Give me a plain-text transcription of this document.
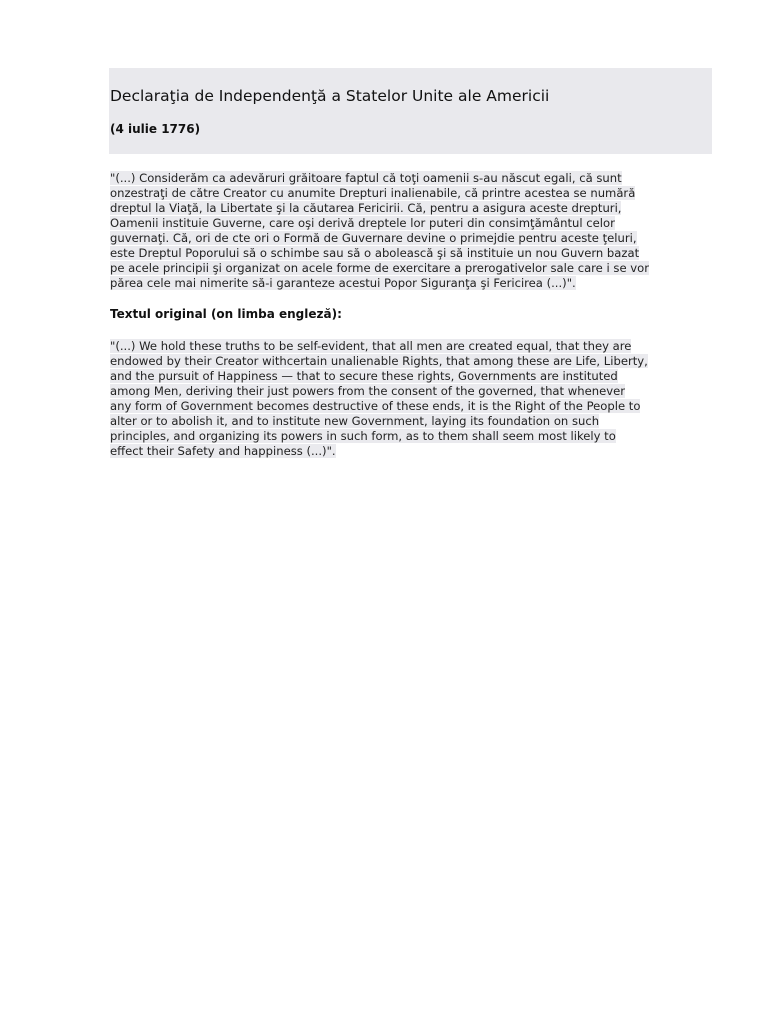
Declaraţia de Independenţă a Statelor Unite ale Americii
(4 iulie 1776)
"(...) Considerăm ca adevăruri grăitoare faptul că toţi oamenii s-au născut egali, că sunt
onzestraţi de către Creator cu anumite Drepturi inalienabile, că printre acestea se numără
dreptul la Viaţă, la Libertate şi la căutarea Fericirii. Că, pentru a asigura aceste drepturi,
Oamenii instituie Guverne, care oşi derivă dreptele lor puteri din consimţământul celor
guvernaţi. Că, ori de cte ori o Formă de Guvernare devine o primejdie pentru aceste ţeluri,
este Dreptul Poporului să o schimbe sau să o abolească şi să instituie un nou Guvern bazat
pe acele principii şi organizat on acele forme de exercitare a prerogativelor sale care i se vor
părea cele mai nimerite să-i garanteze acestui Popor Siguranţa şi Fericirea (...)".
Textul original (on limba engleză):
"(...) We hold these truths to be self-evident, that all men are created equal, that they are
endowed by their Creator withcertain unalienable Rights, that among these are Life, Liberty,
and the pursuit of Happiness — that to secure these rights, Governments are instituted
among Men, deriving their just powers from the consent of the governed, that whenever
any form of Government becomes destructive of these ends, it is the Right of the People to
alter or to abolish it, and to institute new Government, laying its foundation on such
principles, and organizing its powers in such form, as to them shall seem most likely to
effect their Safety and happiness (...)".
